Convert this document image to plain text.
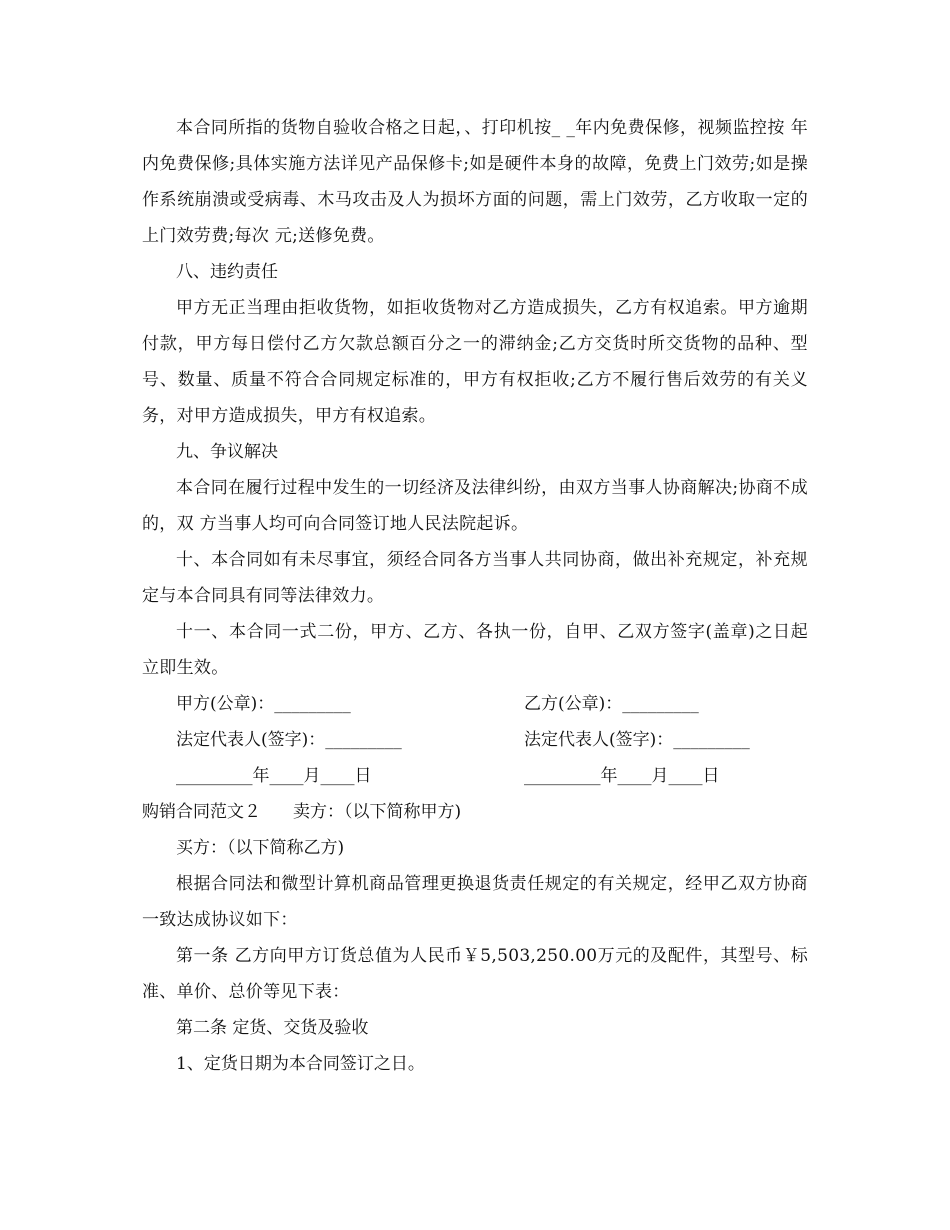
本合同所指的货物自验收合格之日起，、打印机按_ _年内免费保修，视频监控按 年内免费保修;具体实施方法详见产品保修卡;如是硬件本身的故障，免费上门效劳;如是操作系统崩溃或受病毒、木马攻击及人为损坏方面的问题，需上门效劳，乙方收取一定的上门效劳费;每次 元;送修免费。

八、违约责任

甲方无正当理由拒收货物，如拒收货物对乙方造成损失，乙方有权追索。甲方逾期付款，甲方每日偿付乙方欠款总额百分之一的滞纳金;乙方交货时所交货物的品种、型号、数量、质量不符合合同规定标准的，甲方有权拒收;乙方不履行售后效劳的有关义务，对甲方造成损失，甲方有权追索。

九、争议解决

本合同在履行过程中发生的一切经济及法律纠纷，由双方当事人协商解决;协商不成的，双 方当事人均可向合同签订地人民法院起诉。

十、本合同如有未尽事宜，须经合同各方当事人共同协商，做出补充规定，补充规定与本合同具有同等法律效力。

十一、本合同一式二份，甲方、乙方、各执一份，自甲、乙双方签字(盖章)之日起立即生效。

甲方(公章)：_________	乙方(公章)：_________
法定代表人(签字)：_________	法定代表人(签字)：_________
_________年____月____日	_________年____月____日

购销合同范文２ 卖方：（以下简称甲方)

买方：（以下简称乙方)

根据合同法和微型计算机商品管理更换退货责任规定的有关规定，经甲乙双方协商一致达成协议如下：

第一条 乙方向甲方订货总值为人民币￥5,503,250.00万元的及配件，其型号、标准、单价、总价等见下表：

第二条 定货、交货及验收

1、定货日期为本合同签订之日。
